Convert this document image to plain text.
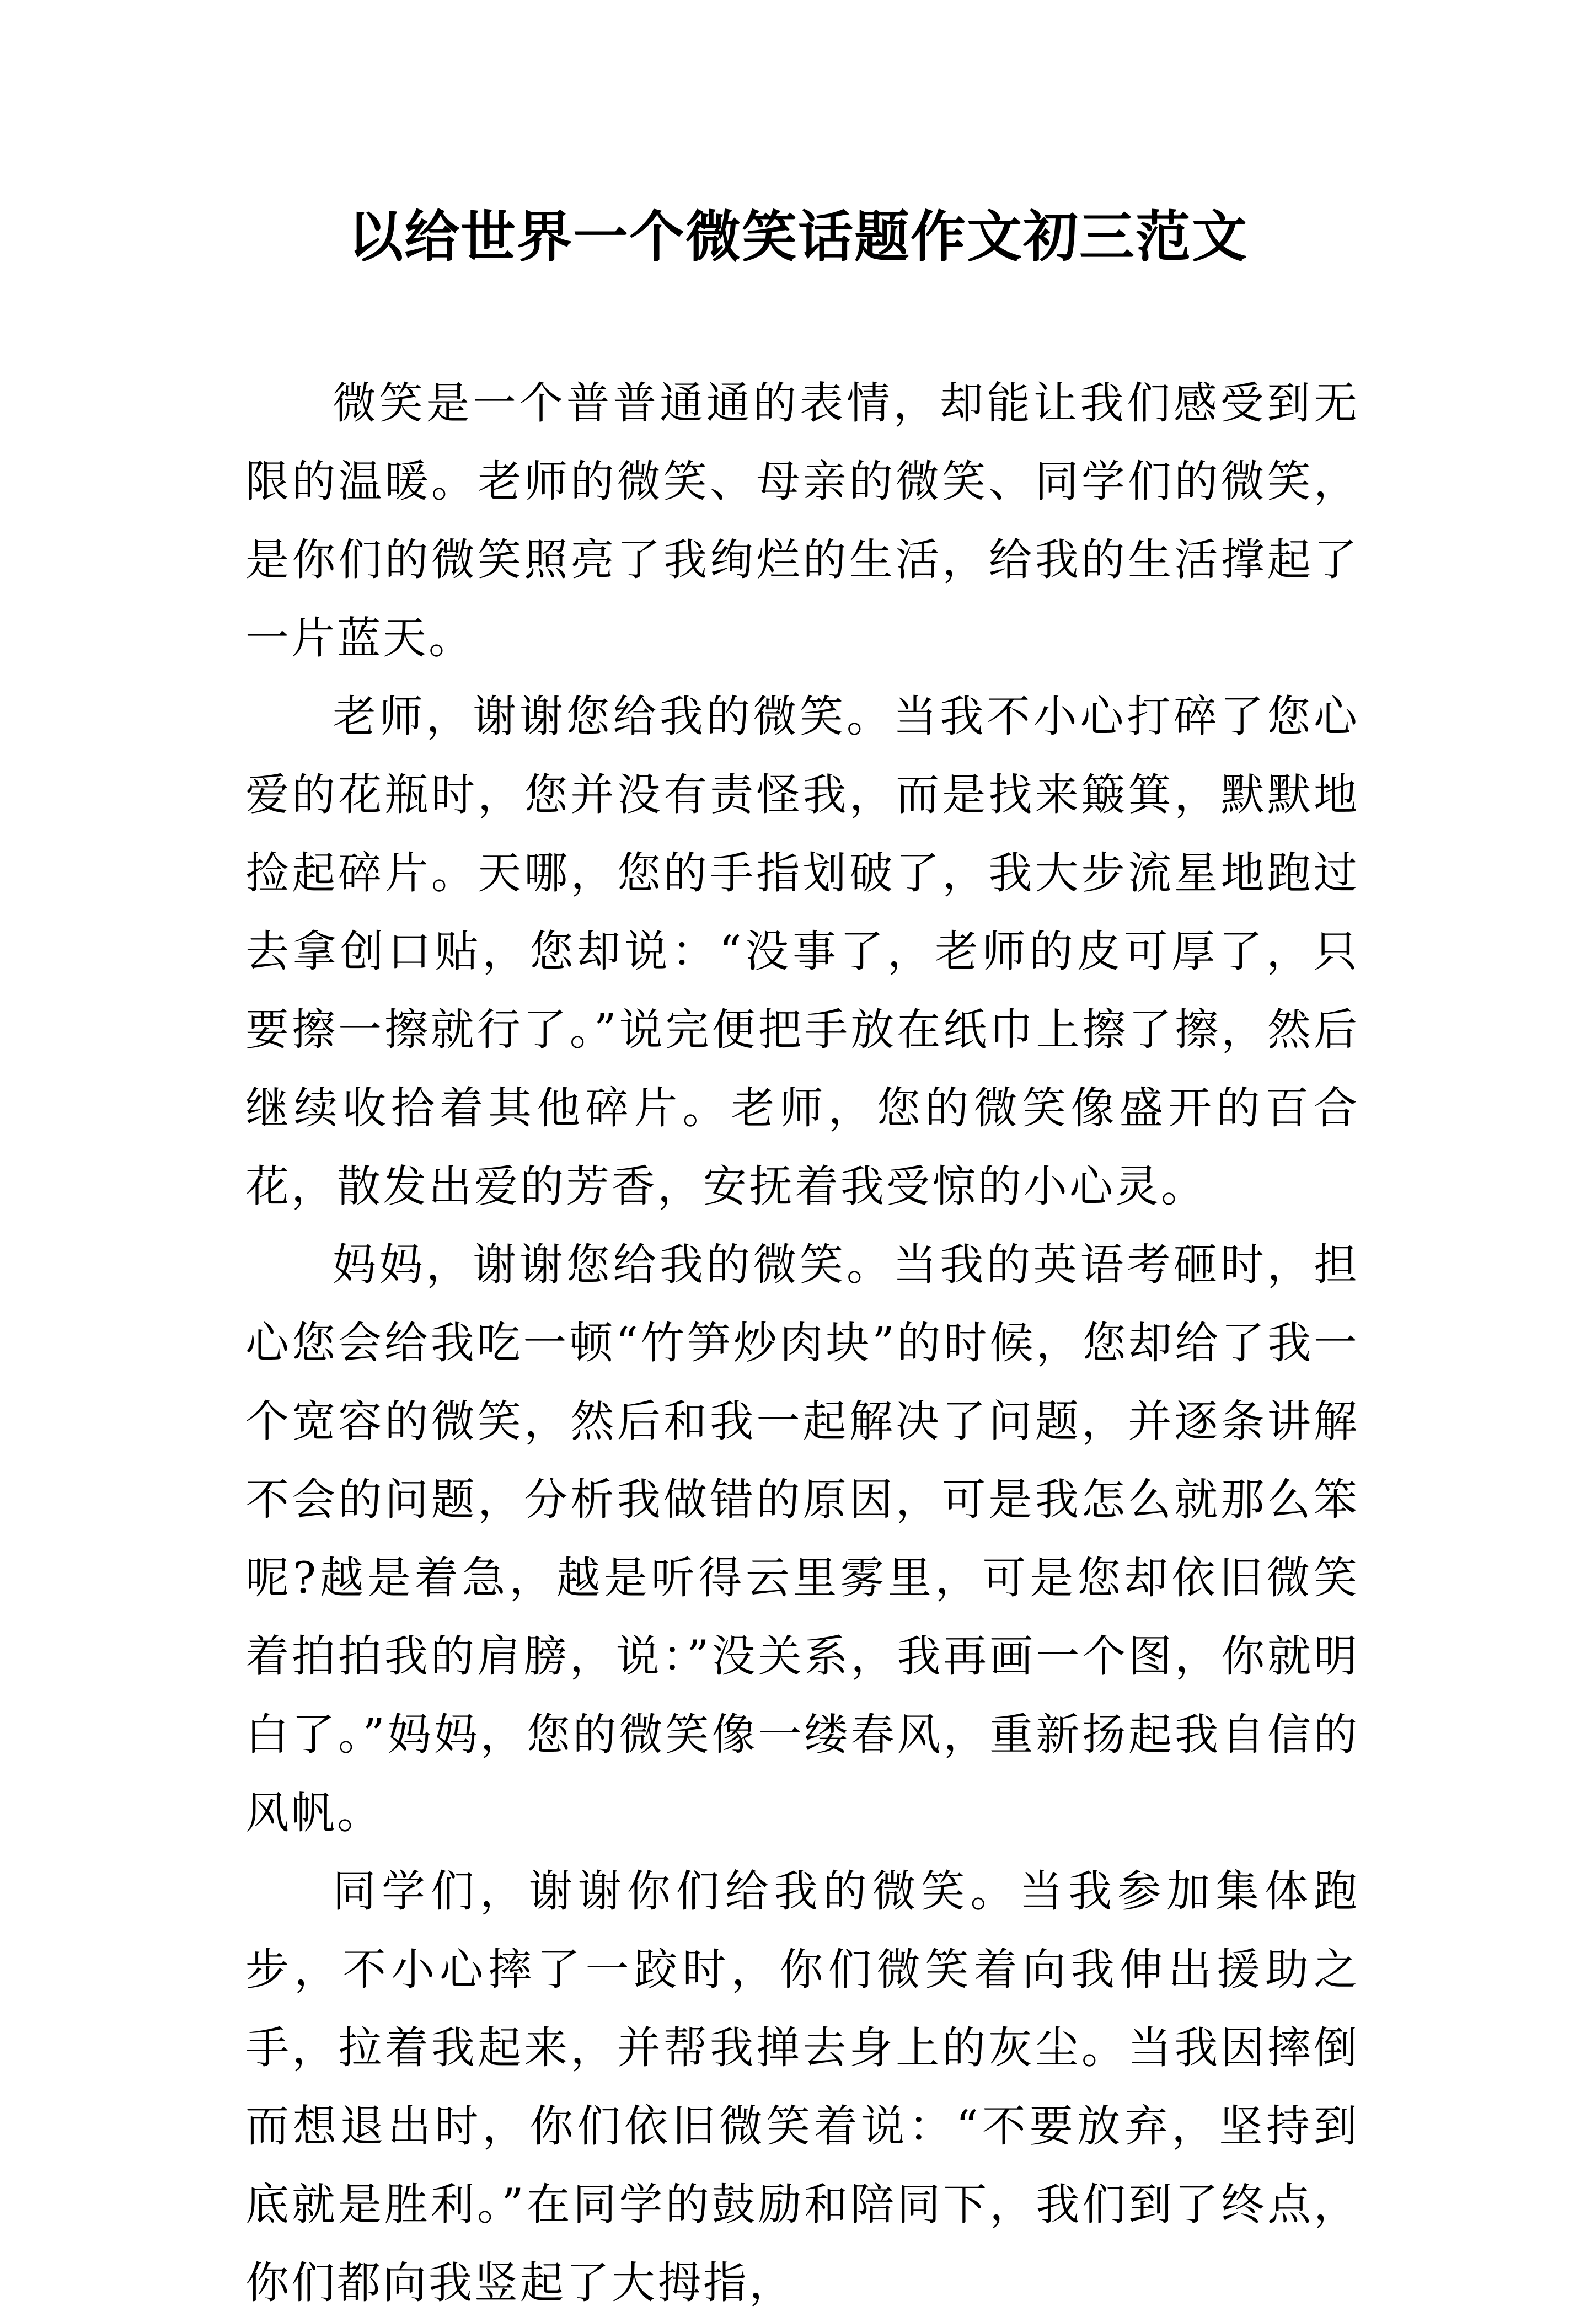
以给世界一个微笑话题作文初三范文

微笑是一个普普通通的表情，却能让我们感受到无限的温暖。老师的微笑、母亲的微笑、同学们的微笑，是你们的微笑照亮了我绚烂的生活，给我的生活撑起了一片蓝天。

老师，谢谢您给我的微笑。当我不小心打碎了您心爱的花瓶时，您并没有责怪我，而是找来簸箕，默默地捡起碎片。天哪，您的手指划破了，我大步流星地跑过去拿创口贴，您却说：“没事了，老师的皮可厚了，只要擦一擦就行了。”说完便把手放在纸巾上擦了擦，然后继续收拾着其他碎片。老师，您的微笑像盛开的百合花，散发出爱的芳香，安抚着我受惊的小心灵。

妈妈，谢谢您给我的微笑。当我的英语考砸时，担心您会给我吃一顿“竹笋炒肉块”的时候，您却给了我一个宽容的微笑，然后和我一起解决了问题，并逐条讲解不会的问题，分析我做错的原因，可是我怎么就那么笨呢?越是着急，越是听得云里雾里，可是您却依旧微笑着拍拍我的肩膀，说：”没关系，我再画一个图，你就明白了。”妈妈，您的微笑像一缕春风，重新扬起我自信的风帆。

同学们，谢谢你们给我的微笑。当我参加集体跑步，不小心摔了一跤时，你们微笑着向我伸出援助之手，拉着我起来，并帮我掸去身上的灰尘。当我因摔倒而想退出时，你们依旧微笑着说：“不要放弃，坚持到底就是胜利。”在同学的鼓励和陪同下，我们到了终点，你们都向我竖起了大拇指，
